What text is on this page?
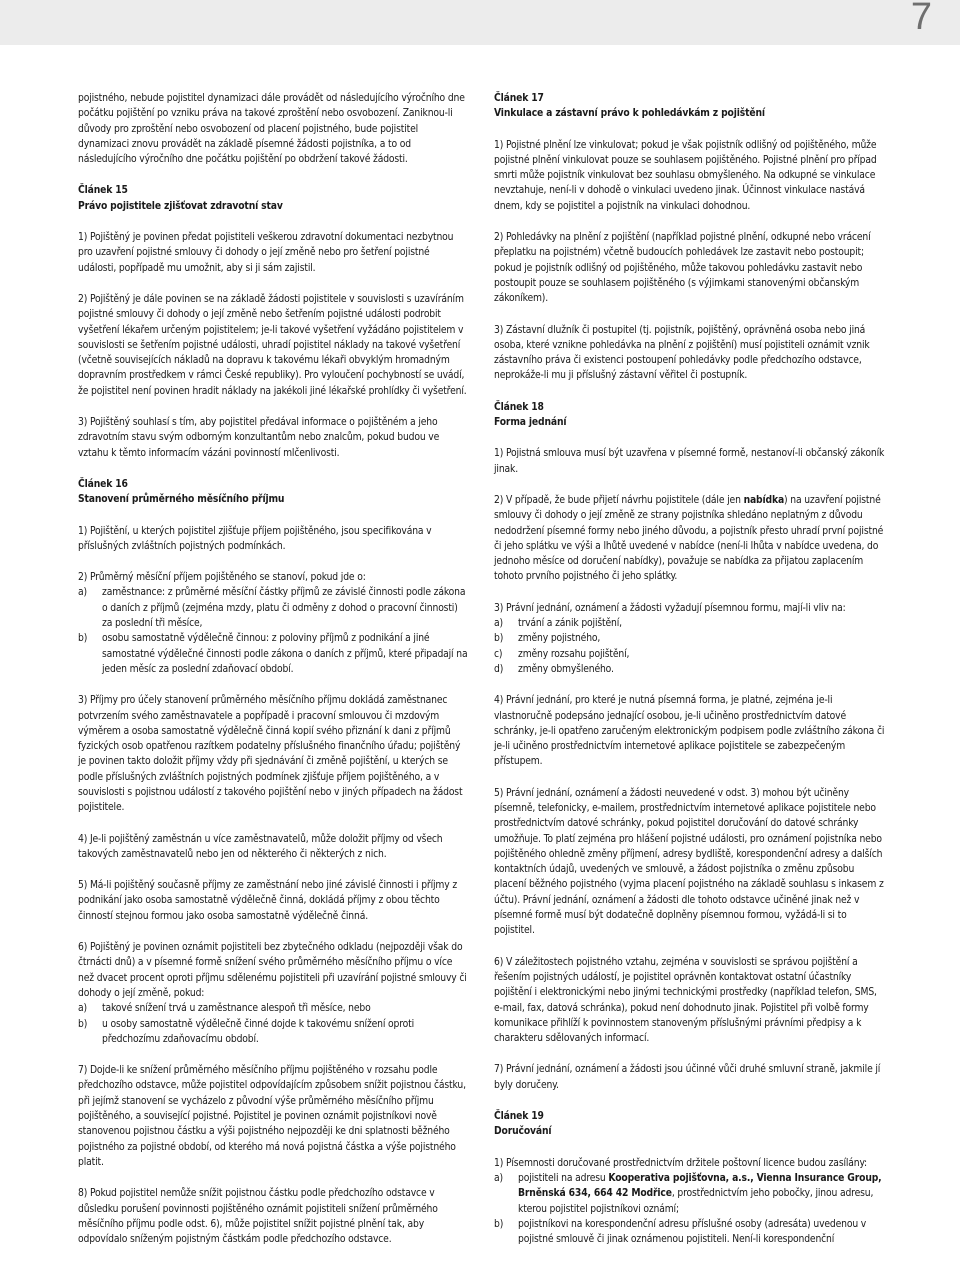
7

pojistného, nebude pojistitel dynamizaci dále provádět od následujícího výročního dne počátku pojištění po vzniku práva na takové zproštění nebo osvobození. Zaniknou-li důvody pro zproštění nebo osvobození od placení pojistného, bude pojistitel dynamizaci znovu provádět na základě písemné žádosti pojistníka, a to od následujícího výročního dne počátku pojištění po obdržení takové žádosti.

Článek 15

Právo pojistitele zjišťovat zdravotní stav

1) Pojištěný je povinen předat pojistiteli veškerou zdravotní dokumentaci nezbytnou pro uzavření pojistné smlouvy či dohody o její změně nebo pro šetření pojistné události, popřípadě mu umožnit, aby si ji sám zajistil.

2) Pojištěný je dále povinen se na základě žádosti pojistitele v souvislosti s uzavíráním pojistné smlouvy či dohody o její změně nebo šetřením pojistné události podrobit vyšetření lékařem určeným pojistitelem; je-li takové vyšetření vyžádáno pojistitelem v souvislosti se šetřením pojistné události, uhradí pojistitel náklady na takové vyšetření (včetně souvisejících nákladů na dopravu k takovému lékaři obvyklým hromadným dopravním prostředkem v rámci České republiky). Pro vyloučení pochybností se uvádí, že pojistitel není povinen hradit náklady na jakékoli jiné lékařské prohlídky či vyšetření.

3) Pojištěný souhlasí s tím, aby pojistitel předával informace o pojištěném a jeho zdravotním stavu svým odborným konzultantům nebo znalcům, pokud budou ve vztahu k těmto informacím vázáni povinností mlčenlivosti.

Článek 16

Stanovení průměrného měsíčního příjmu

1) Pojištění, u kterých pojistitel zjišťuje příjem pojištěného, jsou specifikována v příslušných zvláštních pojistných podmínkách.

2) Průměrný měsíční příjem pojištěného se stanoví, pokud jde o:

a)	zaměstnance: z průměrné měsíční částky příjmů ze závislé činnosti podle zákona o daních z příjmů (zejména mzdy, platu či odměny z dohod o pracovní činnosti) za poslední tři měsíce,
b)	osobu samostatně výdělečně činnou: z poloviny příjmů z podnikání a jiné samostatné výdělečné činnosti podle zákona o daních z příjmů, které připadají na jeden měsíc za poslední zdaňovací období.

3) Příjmy pro účely stanovení průměrného měsíčního příjmu dokládá zaměstnanec potvrzením svého zaměstnavatele a popřípadě i pracovní smlouvou či mzdovým výměrem a osoba samostatně výdělečně činná kopií svého přiznání k dani z příjmů fyzických osob opatřenou razítkem podatelny příslušného finančního úřadu; pojištěný je povinen takto doložit příjmy vždy při sjednávání či změně pojištění, u kterých se podle příslušných zvláštních pojistných podmínek zjišťuje příjem pojištěného, a v souvislosti s pojistnou událostí z takového pojištění nebo v jiných případech na žádost pojistitele.

4) Je-li pojištěný zaměstnán u více zaměstnavatelů, může doložit příjmy od všech takových zaměstnavatelů nebo jen od některého či některých z nich.

5) Má-li pojištěný současně příjmy ze zaměstnání nebo jiné závislé činnosti i příjmy z podnikání jako osoba samostatně výdělečně činná, dokládá příjmy z obou těchto činností stejnou formou jako osoba samostatně výdělečně činná.

6) Pojištěný je povinen oznámit pojistiteli bez zbytečného odkladu (nejpozději však do čtrnácti dnů) a v písemné formě snížení svého průměrného měsíčního příjmu o více než dvacet procent oproti příjmu sdělenému pojistiteli při uzavírání pojistné smlouvy či dohody o její změně, pokud:

a)	takové snížení trvá u zaměstnance alespoň tři měsíce, nebo
b)	u osoby samostatně výdělečně činné dojde k takovému snížení oproti předchozímu zdaňovacímu období.

7) Dojde-li ke snížení průměrného měsíčního příjmu pojištěného v rozsahu podle předchozího odstavce, může pojistitel odpovídajícím způsobem snížit pojistnou částku, při jejímž stanovení se vycházelo z původní výše průměrného měsíčního příjmu pojištěného, a související pojistné. Pojistitel je povinen oznámit pojistníkovi nově stanovenou pojistnou částku a výši pojistného nejpozději ke dni splatnosti běžného pojistného za pojistné období, od kterého má nová pojistná částka a výše pojistného platit.

8) Pokud pojistitel nemůže snížit pojistnou částku podle předchozího odstavce v důsledku porušení povinnosti pojištěného oznámit pojistiteli snížení průměrného měsíčního příjmu podle odst. 6), může pojistitel snížit pojistné plnění tak, aby odpovídalo sníženým pojistným částkám podle předchozího odstavce.

Článek 17

Vinkulace a zástavní právo k pohledávkám z pojištění

1) Pojistné plnění lze vinkulovat; pokud je však pojistník odlišný od pojištěného, může pojistné plnění vinkulovat pouze se souhlasem pojištěného. Pojistné plnění pro případ smrti může pojistník vinkulovat bez souhlasu obmyšleného. Na odkupné se vinkulace nevztahuje, není-li v dohodě o vinkulaci uvedeno jinak. Účinnost vinkulace nastává dnem, kdy se pojistitel a pojistník na vinkulaci dohodnou.

2) Pohledávky na plnění z pojištění (například pojistné plnění, odkupné nebo vrácení přeplatku na pojistném) včetně budoucích pohledávek lze zastavit nebo postoupit; pokud je pojistník odlišný od pojištěného, může takovou pohledávku zastavit nebo postoupit pouze se souhlasem pojištěného (s výjimkami stanovenými občanským zákoníkem).

3) Zástavní dlužník či postupitel (tj. pojistník, pojištěný, oprávněná osoba nebo jiná osoba, které vznikne pohledávka na plnění z pojištění) musí pojistiteli oznámit vznik zástavního práva či existenci postoupení pohledávky podle předchozího odstavce, neprokáže-li mu ji příslušný zástavní věřitel či postupník.

Článek 18

Forma jednání

1) Pojistná smlouva musí být uzavřena v písemné formě, nestanoví-li občanský zákoník jinak.

2) V případě, že bude přijetí návrhu pojistitele (dále jen nabídka) na uzavření pojistné smlouvy či dohody o její změně ze strany pojistníka shledáno neplatným z důvodu nedodržení písemné formy nebo jiného důvodu, a pojistník přesto uhradí první pojistné či jeho splátku ve výši a lhůtě uvedené v nabídce (není-li lhůta v nabídce uvedena, do jednoho měsíce od doručení nabídky), považuje se nabídka za přijatou zaplacením tohoto prvního pojistného či jeho splátky.

3) Právní jednání, oznámení a žádosti vyžadují písemnou formu, mají-li vliv na:

a)	trvání a zánik pojištění,
b)	změny pojistného,
c)	změny rozsahu pojištění,
d)	změny obmyšleného.

4) Právní jednání, pro které je nutná písemná forma, je platné, zejména je-li vlastnoručně podepsáno jednající osobou, je-li učiněno prostřednictvím datové schránky, je-li opatřeno zaručeným elektronickým podpisem podle zvláštního zákona či je-li učiněno prostřednictvím internetové aplikace pojistitele se zabezpečeným přístupem.

5) Právní jednání, oznámení a žádosti neuvedené v odst. 3) mohou být učiněny písemně, telefonicky, e-mailem, prostřednictvím internetové aplikace pojistitele nebo prostřednictvím datové schránky, pokud pojistitel doručování do datové schránky umožňuje. To platí zejména pro hlášení pojistné události, pro oznámení pojistníka nebo pojištěného ohledně změny příjmení, adresy bydliště, korespondenční adresy a dalších kontaktních údajů, uvedených ve smlouvě, a žádost pojistníka o změnu způsobu placení běžného pojistného (vyjma placení pojistného na základě souhlasu s inkasem z účtu). Právní jednání, oznámení a žádosti dle tohoto odstavce učiněné jinak než v písemné formě musí být dodatečně doplněny písemnou formou, vyžádá-li si to pojistitel.

6) V záležitostech pojistného vztahu, zejména v souvislosti se správou pojištění a řešením pojistných událostí, je pojistitel oprávněn kontaktovat ostatní účastníky pojištění i elektronickými nebo jinými technickými prostředky (například telefon, SMS, e-mail, fax, datová schránka), pokud není dohodnuto jinak. Pojistitel při volbě formy komunikace přihlíží k povinnostem stanoveným příslušnými právními předpisy a k charakteru sdělovaných informací.

7) Právní jednání, oznámení a žádosti jsou účinné vůči druhé smluvní straně, jakmile jí byly doručeny.

Článek 19

Doručování

1) Písemnosti doručované prostřednictvím držitele poštovní licence budou zasílány:

a)	pojistiteli na adresu Kooperativa pojišťovna, a.s., Vienna Insurance Group, Brněnská 634, 664 42 Modřice, prostřednictvím jeho pobočky, jinou adresu, kterou pojistitel pojistníkovi oznámí;
b)	pojistníkovi na korespondenční adresu příslušné osoby (adresáta) uvedenou v pojistné smlouvě či jinak oznámenou pojistiteli. Není-li korespondenční
